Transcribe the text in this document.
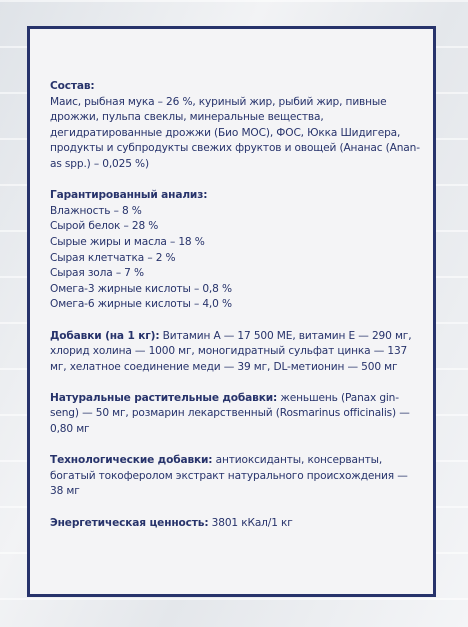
Состав:
Маис, рыбная мука – 26 %, куриный жир, рыбий жир, пивные
дрожжи, пульпа свеклы, минеральные вещества,
дегидратированные дрожжи (Био МОС), ФОС, Юкка Шидигера,
продукты и субпродукты свежих фруктов и овощей (Ананас (Anan-
as spp.) – 0,025 %)
Гарантированный анализ:
Влажность – 8 %
Сырой белок – 28 %
Сырые жиры и масла – 18 %
Сырая клетчатка – 2 %
Сырая зола – 7 %
Омега-3 жирные кислоты – 0,8 %
Омега-6 жирные кислоты – 4,0 %
Добавки (на 1 кг): Витамин А — 17 500 МЕ, витамин Е — 290 мг,
хлорид холина — 1000 мг, моногидратный сульфат цинка — 137
мг, хелатное соединение меди — 39 мг, DL-метионин — 500 мг
Натуральные растительные добавки: женьшень (Panax gin-
seng) — 50 мг, розмарин лекарственный (Rosmarinus officinalis) —
0,80 мг
Технологические добавки: антиоксиданты, консерванты,
богатый токоферолом экстракт натурального происхождения —
38 мг
Энергетическая ценность: 3801 кКал/1 кг
